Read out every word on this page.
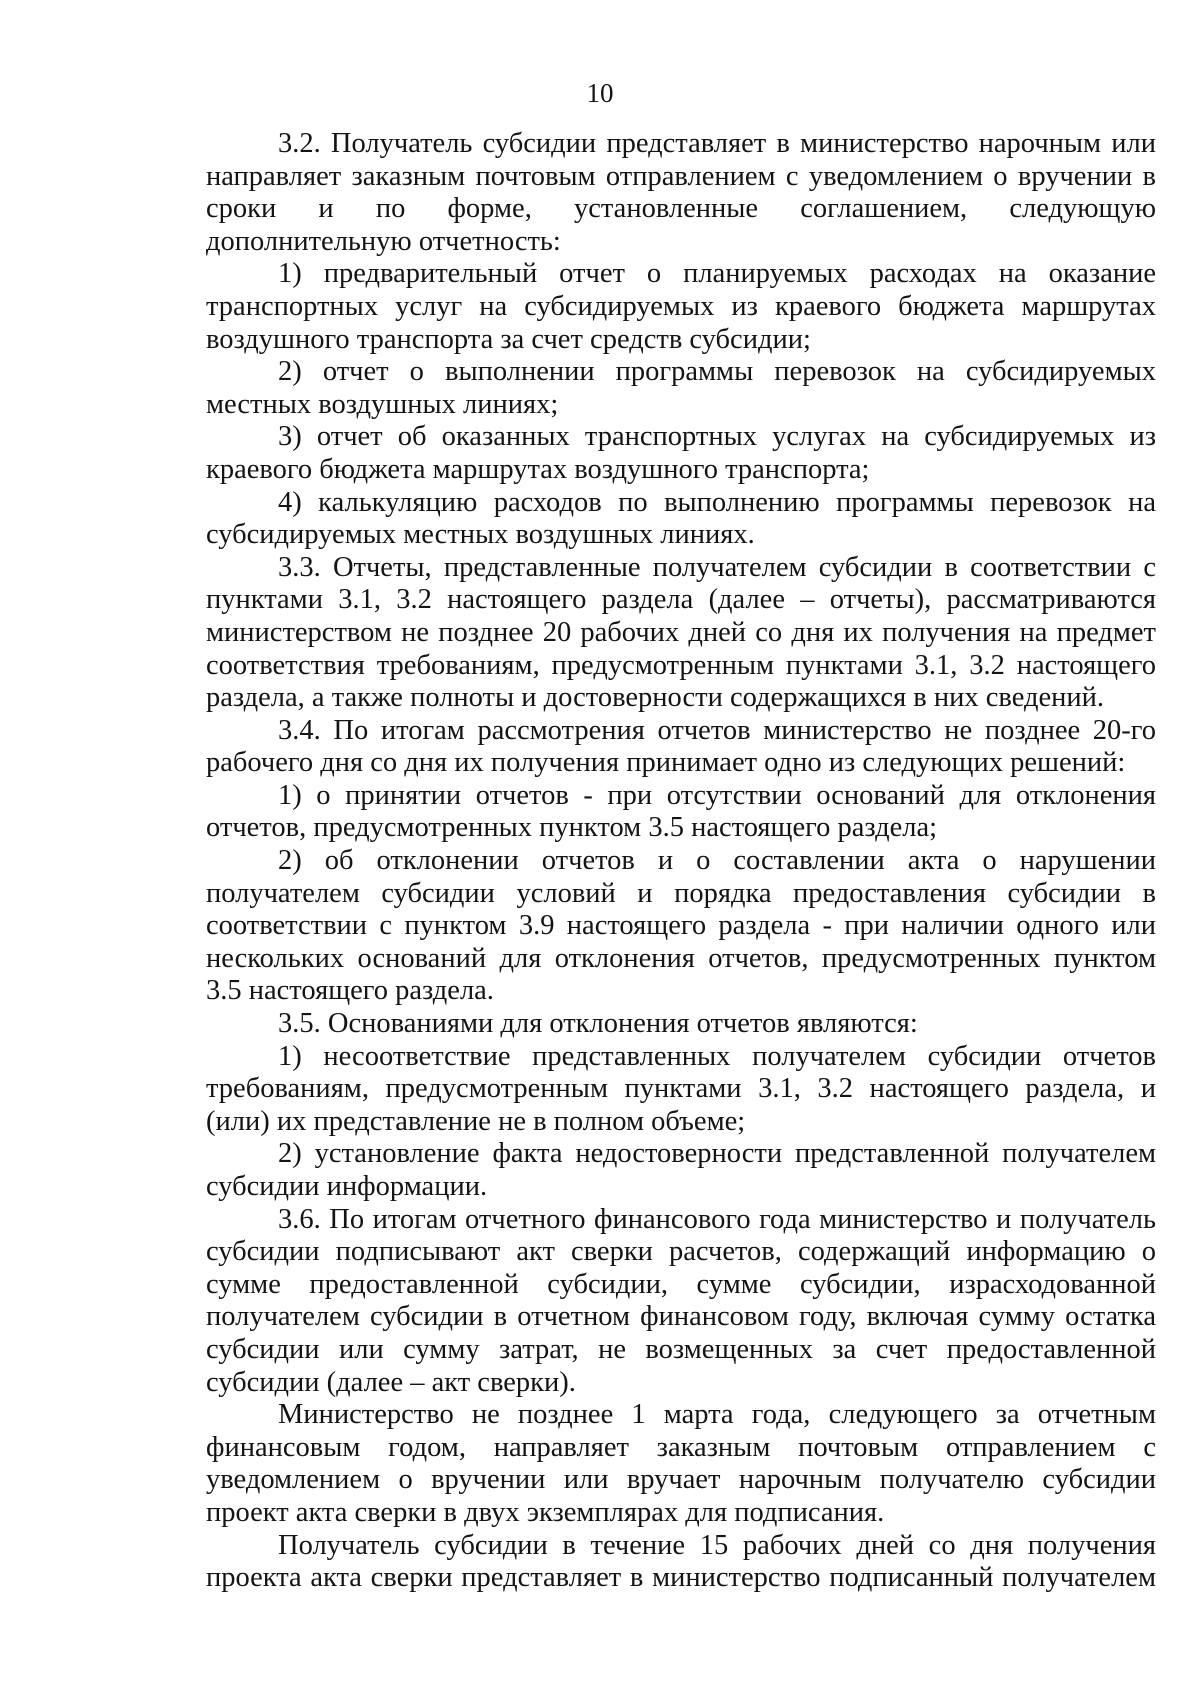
10

3.2. Получатель субсидии представляет в министерство нарочным или направляет заказным почтовым отправлением с уведомлением о вручении в сроки и по форме, установленные соглашением, следующую дополнительную отчетность:

1) предварительный отчет о планируемых расходах на оказание транспортных услуг на субсидируемых из краевого бюджета маршрутах воздушного транспорта за счет средств субсидии;

2) отчет о выполнении программы перевозок на субсидируемых местных воздушных линиях;

3) отчет об оказанных транспортных услугах на субсидируемых из краевого бюджета маршрутах воздушного транспорта;

4) калькуляцию расходов по выполнению программы перевозок на субсидируемых местных воздушных линиях.

3.3. Отчеты, представленные получателем субсидии в соответствии с пунктами 3.1, 3.2 настоящего раздела (далее – отчеты), рассматриваются министерством не позднее 20 рабочих дней со дня их получения на предмет соответствия требованиям, предусмотренным пунктами 3.1, 3.2 настоящего раздела, а также полноты и достоверности содержащихся в них сведений.

3.4. По итогам рассмотрения отчетов министерство не позднее 20-го рабочего дня со дня их получения принимает одно из следующих решений:

1) о принятии отчетов - при отсутствии оснований для отклонения отчетов, предусмотренных пунктом 3.5 настоящего раздела;

2) об отклонении отчетов и о составлении акта о нарушении получателем субсидии условий и порядка предоставления субсидии в соответствии с пунктом 3.9 настоящего раздела - при наличии одного или нескольких оснований для отклонения отчетов, предусмотренных пунктом 3.5 настоящего раздела.

3.5. Основаниями для отклонения отчетов являются:

1) несоответствие представленных получателем субсидии отчетов требованиям, предусмотренным пунктами 3.1, 3.2 настоящего раздела, и (или) их представление не в полном объеме;

2) установление факта недостоверности представленной получателем субсидии информации.

3.6. По итогам отчетного финансового года министерство и получатель субсидии подписывают акт сверки расчетов, содержащий информацию о сумме предоставленной субсидии, сумме субсидии, израсходованной получателем субсидии в отчетном финансовом году, включая сумму остатка субсидии или сумму затрат, не возмещенных за счет предоставленной субсидии (далее – акт сверки).

Министерство не позднее 1 марта года, следующего за отчетным финансовым годом, направляет заказным почтовым отправлением с уведомлением о вручении или вручает нарочным получателю субсидии проект акта сверки в двух экземплярах для подписания.

Получатель субсидии в течение 15 рабочих дней со дня получения проекта акта сверки представляет в министерство подписанный получателем
